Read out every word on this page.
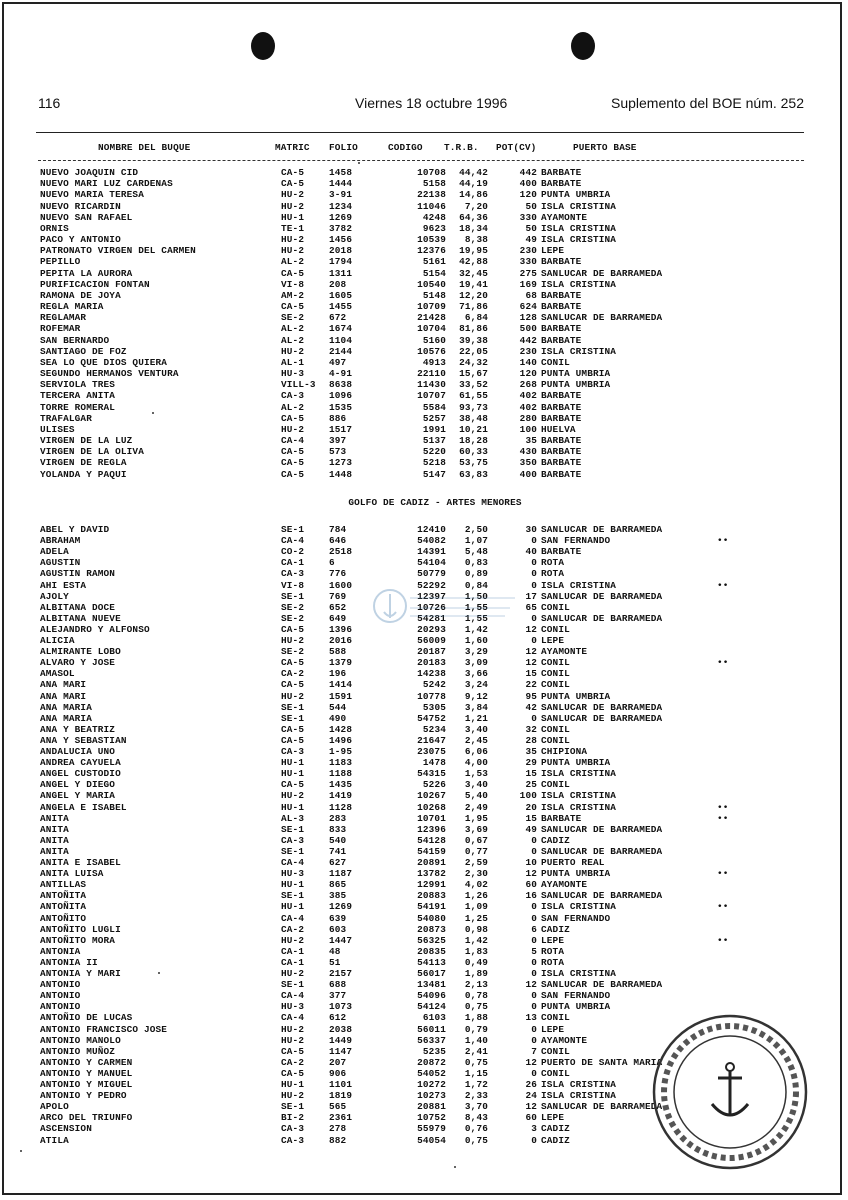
116	Viernes 18 octubre 1996	Suplemento del BOE núm. 252
NOMBRE DEL BUQUE	MATRIC FOLIO	CODIGO T.R.B. POT(CV)	PUERTO BASE
NUEVO JOAQUIN CID	CA-5	1458	10708	44,42	442 BARBATE
NUEVO MARI LUZ CARDENAS	CA-5	1444	5158	44,19	400 BARBATE
NUEVO MARIA TERESA	HU-2	3-91	22138	14,86	120 PUNTA UMBRIA
NUEVO RICARDIN	HU-2	1234	11046	7,20	50 ISLA CRISTINA
NUEVO SAN RAFAEL	HU-1	1269	4248	64,36	330 AYAMONTE
ORNIS	TE-1	3782	9623	18,34	50 ISLA CRISTINA
PACO Y ANTONIO	HU-2	1456	10539	8,38	49 ISLA CRISTINA
PATRONATO VIRGEN DEL CARMEN	HU-2	2018	12376	19,95	230 LEPE
PEPILLO	AL-2	1794	5161	42,88	330 BARBATE
PEPITA LA AURORA	CA-5	1311	5154	32,45	275 SANLUCAR DE BARRAMEDA
PURIFICACION FONTAN	VI-8	208	10540	19,41	169 ISLA CRISTINA
RAMONA DE JOYA	AM-2	1605	5148	12,20	68 BARBATE
REGLA MARIA	CA-5	1455	10709	71,86	624 BARBATE
REGLAMAR	SE-2	672	21428	6,84	128 SANLUCAR DE BARRAMEDA
ROFEMAR	AL-2	1674	10704	81,86	500 BARBATE
SAN BERNARDO	AL-2	1104	5160	39,38	442 BARBATE
SANTIAGO DE FOZ	HU-2	2144	10576	22,05	230 ISLA CRISTINA
SEA LO QUE DIOS QUIERA	AL-1	497	4913	24,32	140 CONIL
SEGUNDO HERMANOS VENTURA	HU-3	4-91	22110	15,67	120 PUNTA UMBRIA
SERVIOLA TRES	VILL-3 8638	11430	33,52	268 PUNTA UMBRIA
TERCERA ANITA	CA-3	1096	10707	61,55	402 BARBATE
TORRE ROMERAL	AL-2	1535	5584	93,73	402 BARBATE
TRAFALGAR	CA-5	886	5257	38,48	280 BARBATE
ULISES	HU-2	1517	1991	10,21	100 HUELVA
VIRGEN DE LA LUZ	CA-4	397	5137	18,28	35 BARBATE
VIRGEN DE LA OLIVA	CA-5	573	5220	60,33	430 BARBATE
VIRGEN DE REGLA	CA-5	1273	5218	53,75	350 BARBATE
YOLANDA Y PAQUI	CA-5	1448	5147	63,83	400 BARBATE
GOLFO DE CADIZ - ARTES MENORES
ABEL Y DAVID	SE-1	784	12410	2,50	30 SANLUCAR DE BARRAMEDA
ABRAHAM	CA-4	646	54082	1,07	0 SAN FERNANDO	••
ADELA	CO-2	2518	14391	5,48	40 BARBATE
AGUSTIN	CA-1	6	54104	0,83	0 ROTA
AGUSTIN RAMON	CA-3	776	50779	0,89	0 ROTA
AHI ESTA	VI-8	1600	52292	0,84	0 ISLA CRISTINA	••
AJOLY	SE-1	769	12397	1,50	17 SANLUCAR DE BARRAMEDA
ALBITANA DOCE	SE-2	652	10726	1,55	65 CONIL
ALBITANA NUEVE	SE-2	649	54281	1,55	0 SANLUCAR DE BARRAMEDA
ALEJANDRO Y ALFONSO	CA-5	1396	20293	1,42	12 CONIL
ALICIA	HU-2	2016	56009	1,60	0 LEPE
ALMIRANTE LOBO	SE-2	588	20187	3,29	12 AYAMONTE
ALVARO Y JOSE	CA-5	1379	20183	3,09	12 CONIL	••
AMASOL	CA-2	196	14238	3,66	15 CONIL
ANA MARI	CA-5	1414	5242	3,24	22 CONIL
ANA MARI	HU-2	1591	10778	9,12	95 PUNTA UMBRIA
ANA MARIA	SE-1	544	5305	3,84	42 SANLUCAR DE BARRAMEDA
ANA MARIA	SE-1	490	54752	1,21	0 SANLUCAR DE BARRAMEDA
ANA Y BEATRIZ	CA-5	1428	5234	3,40	32 CONIL
ANA Y SEBASTIAN	CA-5	1496	21647	2,45	28 CONIL
ANDALUCIA UNO	CA-3	1-95	23075	6,06	35 CHIPIONA
ANDREA CAYUELA	HU-1	1183	1478	4,00	29 PUNTA UMBRIA
ANGEL CUSTODIO	HU-1	1188	54315	1,53	15 ISLA CRISTINA
ANGEL Y DIEGO	CA-5	1435	5226	3,40	25 CONIL
ANGEL Y MARIA	HU-2	1419	10267	5,40	100 ISLA CRISTINA
ANGELA E ISABEL	HU-1	1128	10268	2,49	20 ISLA CRISTINA	••
ANITA	AL-3	283	10701	1,95	15 BARBATE	••
ANITA	SE-1	833	12396	3,69	49 SANLUCAR DE BARRAMEDA
ANITA	CA-3	540	54128	0,67	0 CADIZ
ANITA	SE-1	741	54159	0,77	0 SANLUCAR DE BARRAMEDA
ANITA E ISABEL	CA-4	627	20891	2,59	10 PUERTO REAL
ANITA LUISA	HU-3	1187	13782	2,30	12 PUNTA UMBRIA	••
ANTILLAS	HU-1	865	12991	4,02	60 AYAMONTE
ANTOÑITA	SE-1	385	20883	1,26	16 SANLUCAR DE BARRAMEDA
ANTOÑITA	HU-1	1269	54191	1,09	0 ISLA CRISTINA	••
ANTOÑITO	CA-4	639	54080	1,25	0 SAN FERNANDO
ANTOÑITO LUGLI	CA-2	603	20873	0,98	6 CADIZ
ANTOÑITO MORA	HU-2	1447	56325	1,42	0 LEPE	••
ANTONIA	CA-1	48	20835	1,83	5 ROTA
ANTONIA II	CA-1	51	54113	0,49	0 ROTA
ANTONIA Y MARI	HU-2	2157	56017	1,89	0 ISLA CRISTINA
ANTONIO	SE-1	688	13481	2,13	12 SANLUCAR DE BARRAMEDA
ANTONIO	CA-4	377	54096	0,78	0 SAN FERNANDO
ANTONIO	HU-3	1073	54124	0,75	0 PUNTA UMBRIA
ANTOÑIO DE LUCAS	CA-4	612	6103	1,88	13 CONIL
ANTONIO FRANCISCO JOSE	HU-2	2038	56011	0,79	0 LEPE
ANTONIO MANOLO	HU-2	1449	56337	1,40	0 AYAMONTE
ANTONIO MUÑOZ	CA-5	1147	5235	2,41	7 CONIL
ANTONIO Y CARMEN	CA-2	207	20872	0,75	12 PUERTO DE SANTA MARIA
ANTONIO Y MANUEL	CA-5	906	54052	1,15	0 CONIL
ANTONIO Y MIGUEL	HU-1	1101	10272	1,72	26 ISLA CRISTINA
ANTONIO Y PEDRO	HU-2	1819	10273	2,33	24 ISLA CRISTINA
APOLO	SE-1	565	20881	3,70	12 SANLUCAR DE BARRAMEDA
ARCO DEL TRIUNFO	BI-2	2361	10752	8,43	60 LEPE
ASCENSION	CA-3	278	55979	0,76	3 CADIZ
ATILA	CA-3	882	54054	0,75	0 CADIZ
